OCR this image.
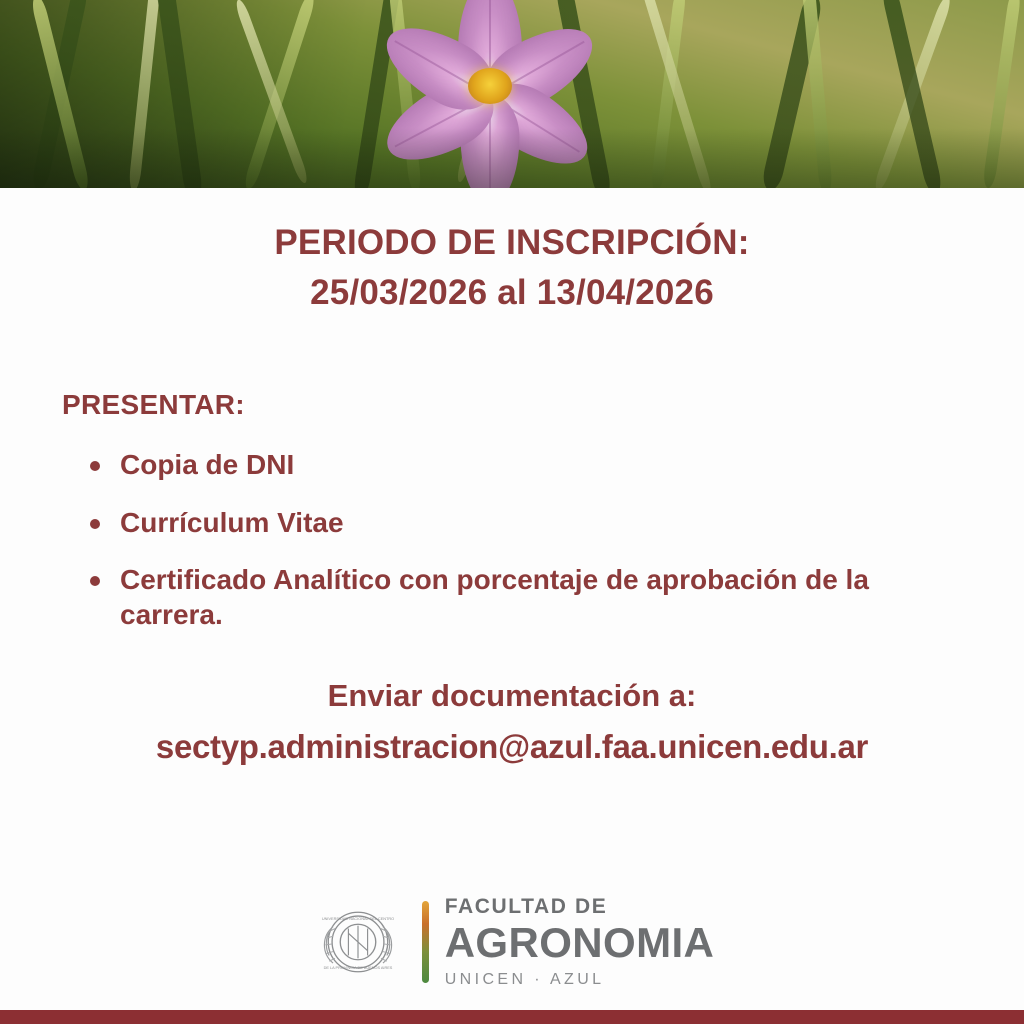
PERIODO DE INSCRIPCIÓN:
25/03/2026 al 13/04/2026
PRESENTAR:
Copia de DNI
Currículum Vitae
Certificado Analítico con porcentaje de aprobación de la carrera.
Enviar documentación a:
sectyp.administracion@azul.faa.unicen.edu.ar
UNIVERSIDAD NACIONAL DEL CENTRO
DE LA PROVINCIA DE BUENOS AIRES
FACULTAD DE
AGRONOMIA
UNICEN · AZUL
